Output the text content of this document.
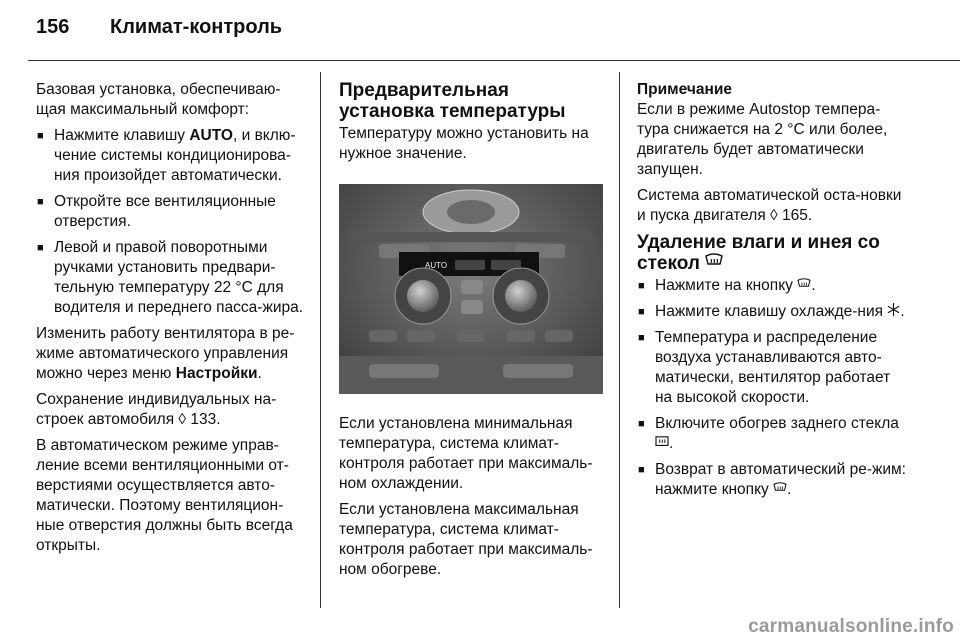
156 Климат-контроль

Базовая установка, обеспечиваю-щая максимальный комфорт:

■ Нажмите клавишу AUTO, и вклю-чение системы кондиционирова-ния произойдет автоматически.
■ Откройте все вентиляционные отверстия.
■ Левой и правой поворотными ручками установить предвари-тельную температуру 22 °C для водителя и переднего пасса-жира.

Изменить работу вентилятора в ре-жиме автоматического управления можно через меню Настройки.

Сохранение индивидуальных на-строек автомобиля ◊ 133.

В автоматическом режиме управ-ление всеми вентиляционными от-верстиями осуществляется авто-матически. Поэтому вентиляцион-ные отверстия должны быть всегда открыты.

Предварительная установка температуры

Температуру можно установить на нужное значение.

AUTO

Если установлена минимальная температура, система климат-контроля работает при максималь-ном охлаждении.

Если установлена максимальная температура, система климат-контроля работает при максималь-ном обогреве.

Примечание

Если в режиме Autostop темпера-тура снижается на 2 °C или более, двигатель будет автоматически запущен.

Система автоматической оста-новки и пуска двигателя ◊ 165.

Удаление влаги и инея со стекол
■ Нажмите на кнопку .
■ Нажмите клавишу охлажде-ния .
■ Температура и распределение воздуха устанавливаются авто-матически, вентилятор работает на высокой скорости.
■ Включите обогрев заднего стекла .
■ Возврат в автоматический ре-жим: нажмите кнопку .
carmanualsonline.info
